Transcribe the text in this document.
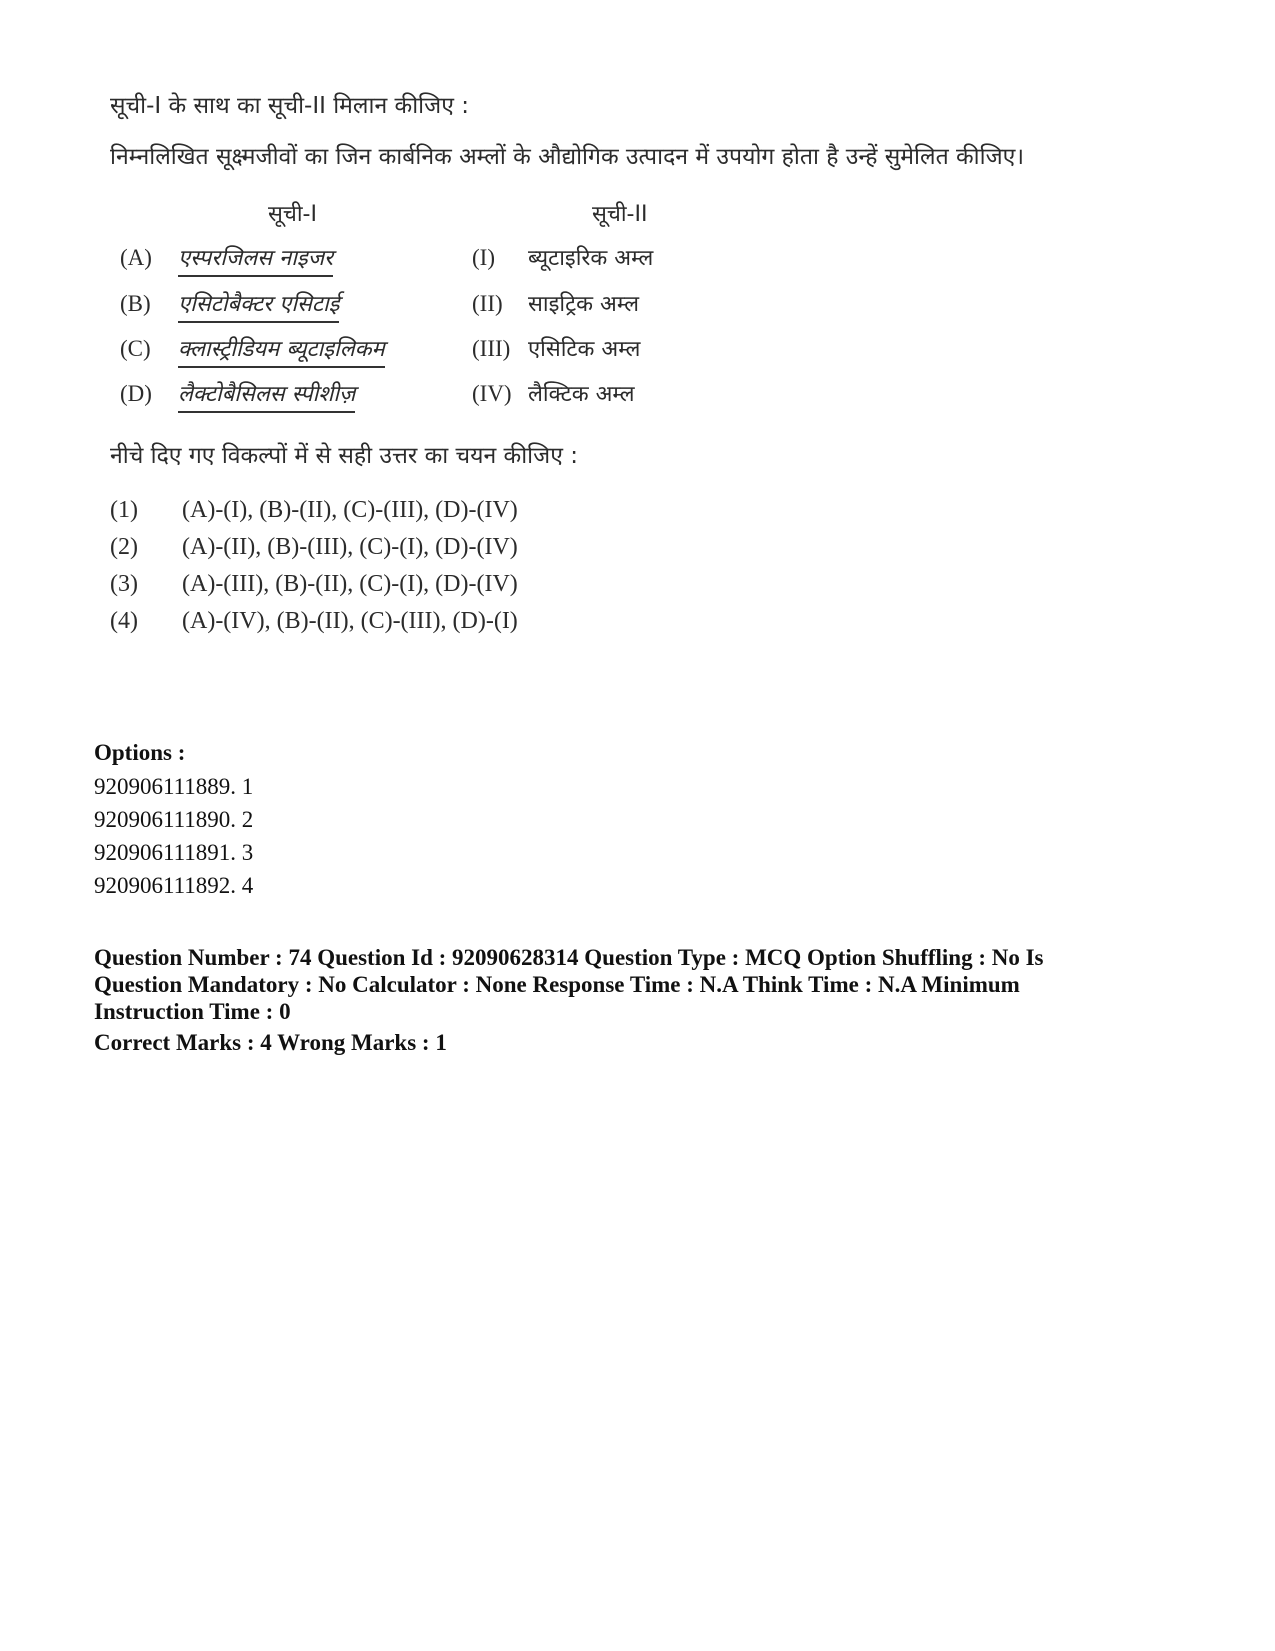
सूची-I के साथ का सूची-II मिलान कीजिए :
निम्नलिखित सूक्ष्मजीवों का जिन कार्बनिक अम्लों के औद्योगिक उत्पादन में उपयोग होता है उन्हें सुमेलित कीजिए।
सूची-I	सूची-II
(A) एस्परजिलस नाइजर
(B) एसिटोबैक्टर एसिटाई
(C) क्लास्ट्रीडियम ब्यूटाइलिकम
(D) लैक्टोबैसिलस स्पीशीज़
(I) ब्यूटाइरिक अम्ल
(II) साइट्रिक अम्ल
(III) एसिटिक अम्ल
(IV) लैक्टिक अम्ल
नीचे दिए गए विकल्पों में से सही उत्तर का चयन कीजिए :
(1) (A)-(I), (B)-(II), (C)-(III), (D)-(IV)
(2) (A)-(II), (B)-(III), (C)-(I), (D)-(IV)
(3) (A)-(III), (B)-(II), (C)-(I), (D)-(IV)
(4) (A)-(IV), (B)-(II), (C)-(III), (D)-(I)
Options :
920906111889. 1
920906111890. 2
920906111891. 3
920906111892. 4
Question Number : 74 Question Id : 92090628314 Question Type : MCQ Option Shuffling : No Is
Question Mandatory : No Calculator : None Response Time : N.A Think Time : N.A Minimum
Instruction Time : 0
Correct Marks : 4 Wrong Marks : 1
